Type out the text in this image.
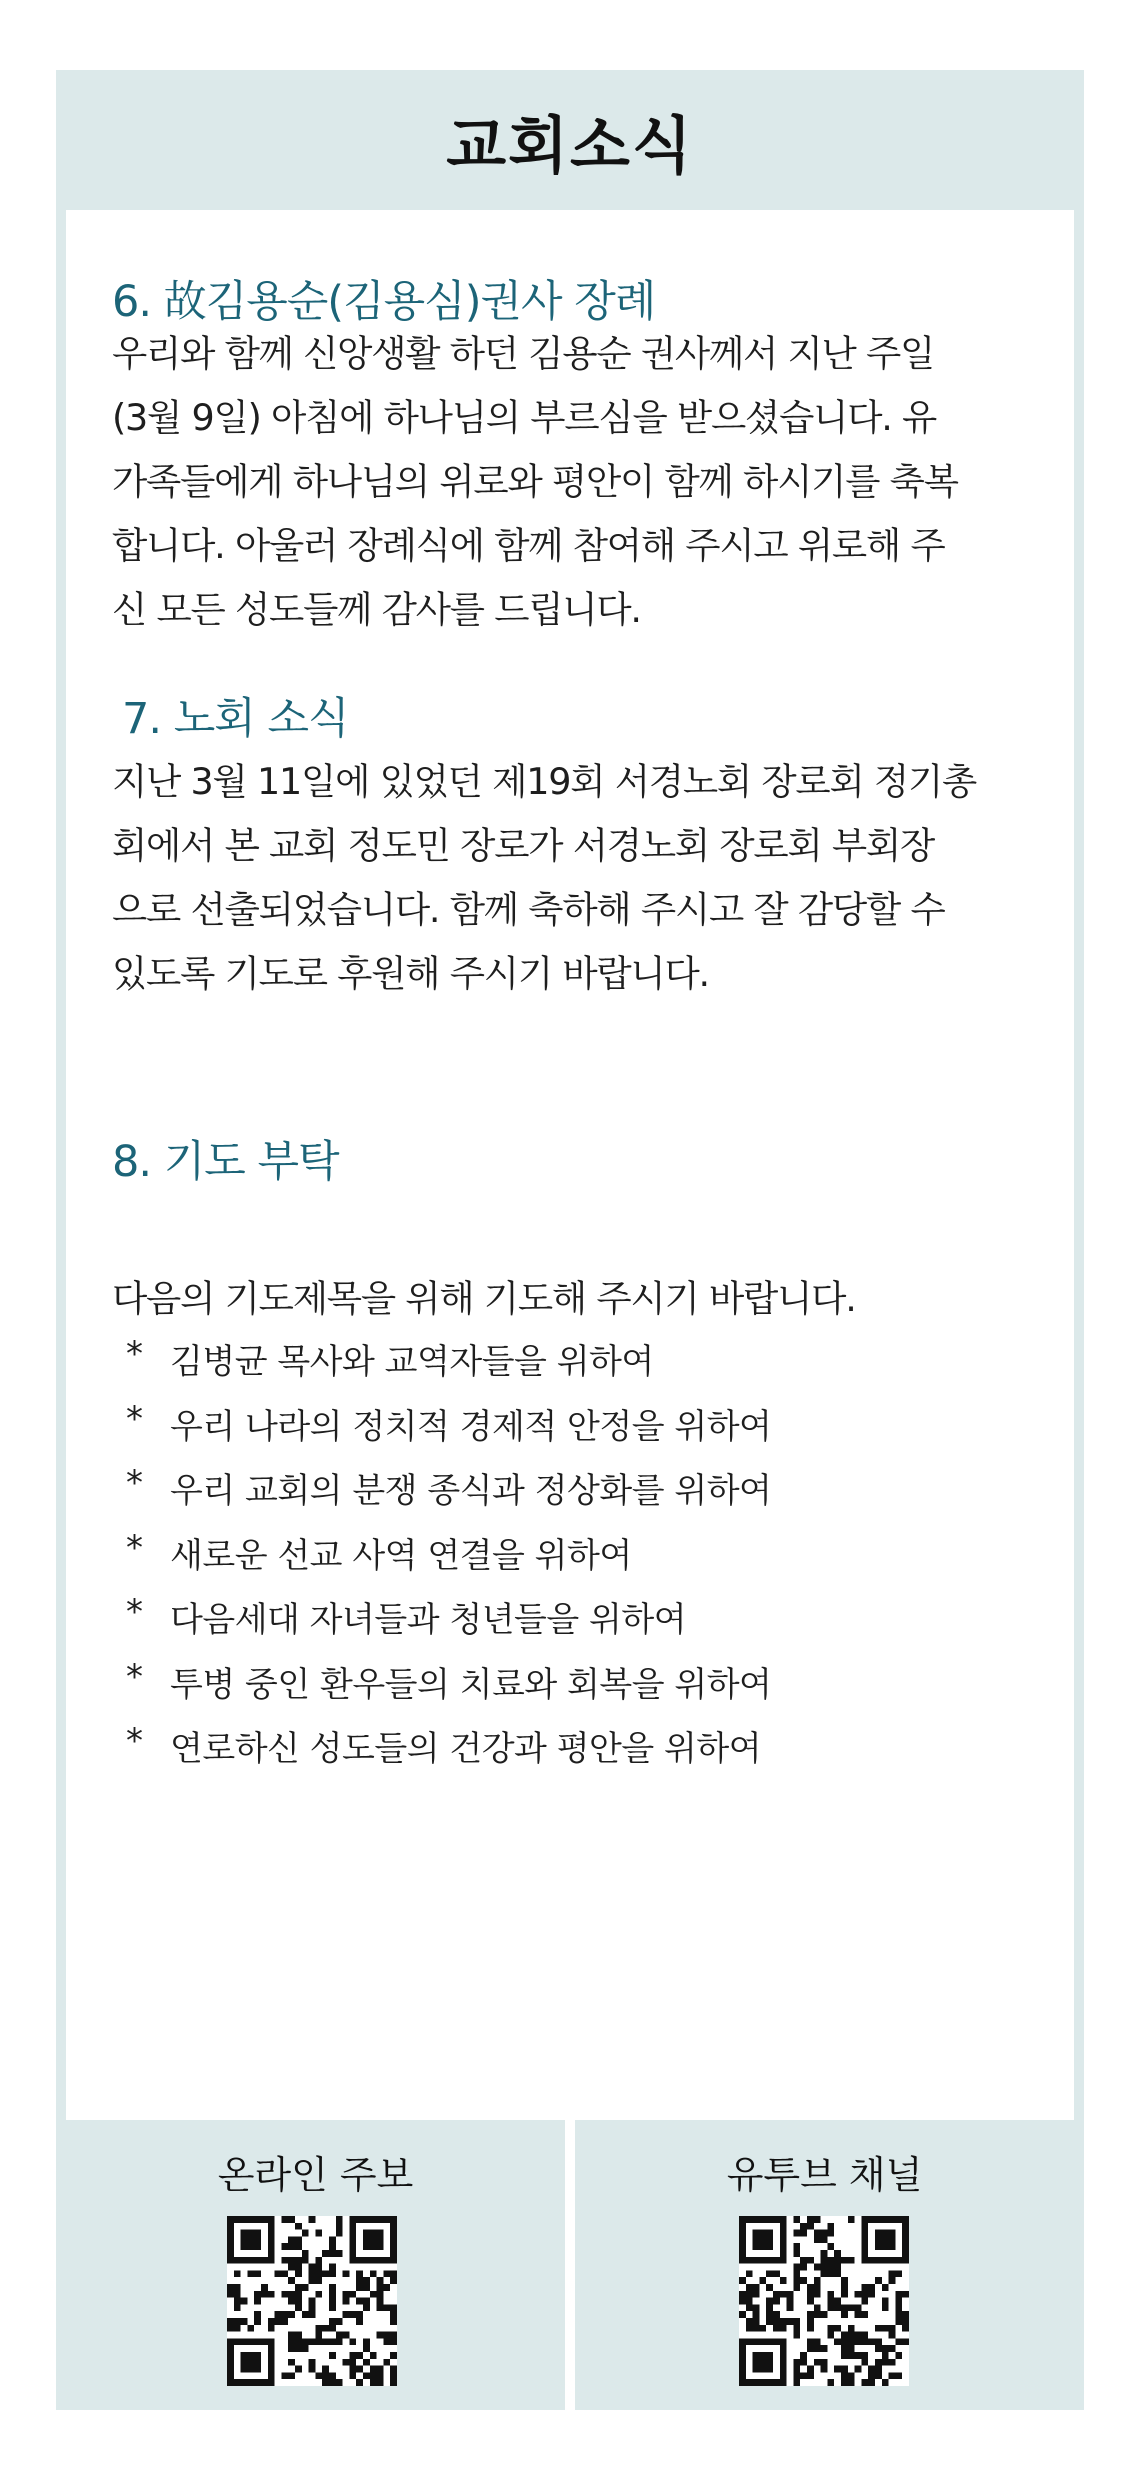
교회소식
6. 故김용순(김용심)권사 장례
우리와 함께 신앙생활 하던 김용순 권사께서 지난 주일
(3월 9일) 아침에 하나님의 부르심을 받으셨습니다. 유
가족들에게 하나님의 위로와 평안이 함께 하시기를 축복
합니다. 아울러 장례식에 함께 참여해 주시고 위로해 주
신 모든 성도들께 감사를 드립니다.
7. 노회 소식
지난 3월 11일에 있었던 제19회 서경노회 장로회 정기총
회에서 본 교회 정도민 장로가 서경노회 장로회 부회장
으로 선출되었습니다. 함께 축하해 주시고 잘 감당할 수
있도록 기도로 후원해 주시기 바랍니다.
8. 기도 부탁
다음의 기도제목을 위해 기도해 주시기 바랍니다.
* 김병균 목사와 교역자들을 위하여
* 우리 나라의 정치적 경제적 안정을 위하여
* 우리 교회의 분쟁 종식과 정상화를 위하여
* 새로운 선교 사역 연결을 위하여
* 다음세대 자녀들과 청년들을 위하여
* 투병 중인 환우들의 치료와 회복을 위하여
* 연로하신 성도들의 건강과 평안을 위하여
온라인 주보	유투브 채널
